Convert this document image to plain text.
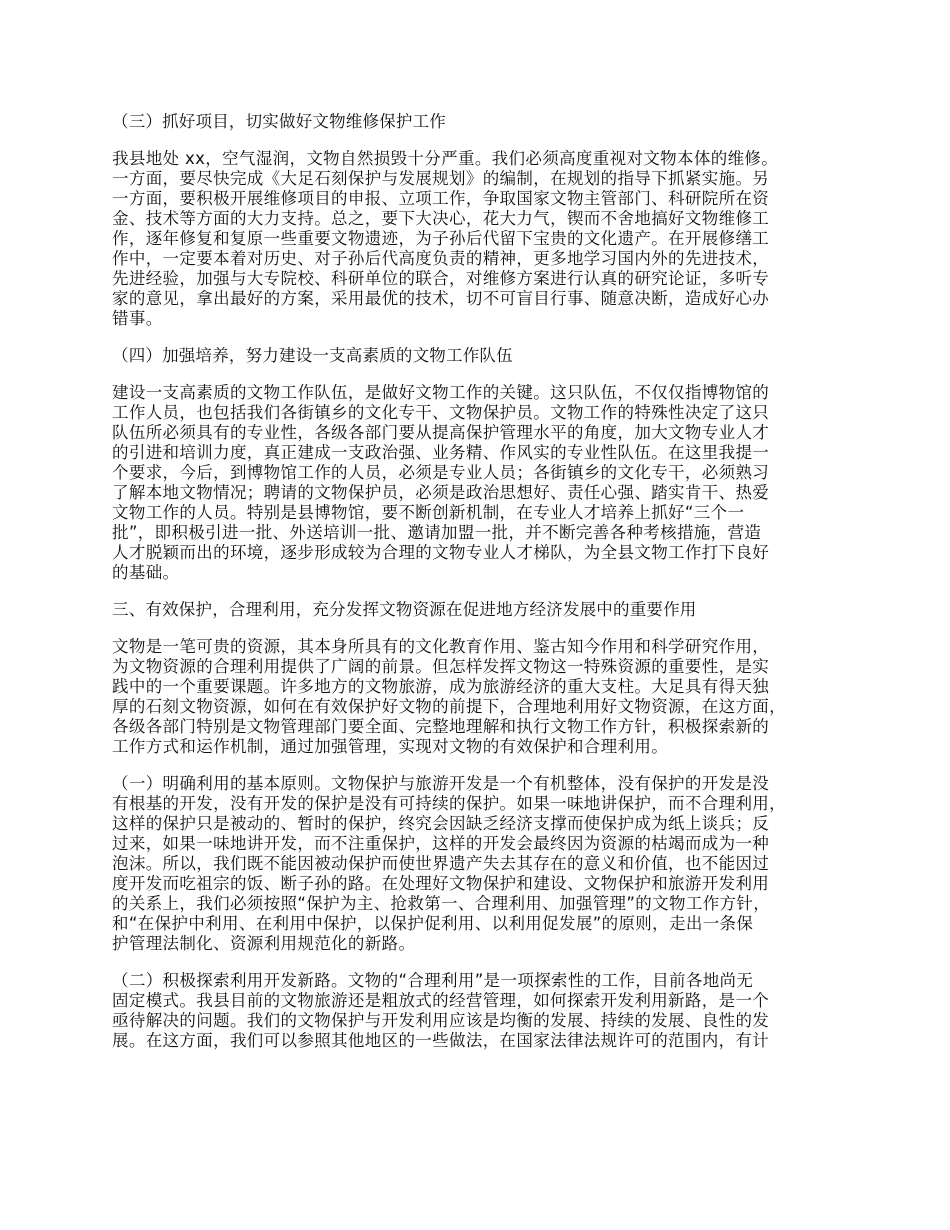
（三）抓好项目，切实做好文物维修保护工作
我县地处 xx，空气湿润，文物自然损毁十分严重。我们必须高度重视对文物本体的维修。
一方面，要尽快完成《大足石刻保护与发展规划》的编制，在规划的指导下抓紧实施。另
一方面，要积极开展维修项目的申报、立项工作，争取国家文物主管部门、科研院所在资
金、技术等方面的大力支持。总之，要下大决心，花大力气，锲而不舍地搞好文物维修工
作，逐年修复和复原一些重要文物遗迹，为子孙后代留下宝贵的文化遗产。在开展修缮工
作中，一定要本着对历史、对子孙后代高度负责的精神，更多地学习国内外的先进技术，
先进经验，加强与大专院校、科研单位的联合，对维修方案进行认真的研究论证，多听专
家的意见，拿出最好的方案，采用最优的技术，切不可盲目行事、随意决断，造成好心办
错事。
（四）加强培养，努力建设一支高素质的文物工作队伍
建设一支高素质的文物工作队伍，是做好文物工作的关键。这只队伍，不仅仅指博物馆的
工作人员，也包括我们各街镇乡的文化专干、文物保护员。文物工作的特殊性决定了这只
队伍所必须具有的专业性，各级各部门要从提高保护管理水平的角度，加大文物专业人才
的引进和培训力度，真正建成一支政治强、业务精、作风实的专业性队伍。在这里我提一
个要求，今后，到博物馆工作的人员，必须是专业人员；各街镇乡的文化专干，必须熟习
了解本地文物情况；聘请的文物保护员，必须是政治思想好、责任心强、踏实肯干、热爱
文物工作的人员。特别是县博物馆，要不断创新机制，在专业人才培养上抓好“三个一
批”，即积极引进一批、外送培训一批、邀请加盟一批，并不断完善各种考核措施，营造
人才脱颖而出的环境，逐步形成较为合理的文物专业人才梯队，为全县文物工作打下良好
的基础。
三、有效保护，合理利用，充分发挥文物资源在促进地方经济发展中的重要作用
文物是一笔可贵的资源，其本身所具有的文化教育作用、鉴古知今作用和科学研究作用，
为文物资源的合理利用提供了广阔的前景。但怎样发挥文物这一特殊资源的重要性，是实
践中的一个重要课题。许多地方的文物旅游，成为旅游经济的重大支柱。大足具有得天独
厚的石刻文物资源，如何在有效保护好文物的前提下，合理地利用好文物资源，在这方面，
各级各部门特别是文物管理部门要全面、完整地理解和执行文物工作方针，积极探索新的
工作方式和运作机制，通过加强管理，实现对文物的有效保护和合理利用。
（一）明确利用的基本原则。文物保护与旅游开发是一个有机整体，没有保护的开发是没
有根基的开发，没有开发的保护是没有可持续的保护。如果一味地讲保护，而不合理利用，
这样的保护只是被动的、暂时的保护，终究会因缺乏经济支撑而使保护成为纸上谈兵；反
过来，如果一味地讲开发，而不注重保护，这样的开发会最终因为资源的枯竭而成为一种
泡沫。所以，我们既不能因被动保护而使世界遗产失去其存在的意义和价值，也不能因过
度开发而吃祖宗的饭、断子孙的路。在处理好文物保护和建设、文物保护和旅游开发利用
的关系上，我们必须按照“保护为主、抢救第一、合理利用、加强管理”的文物工作方针，
和“在保护中利用、在利用中保护，以保护促利用、以利用促发展”的原则，走出一条保
护管理法制化、资源利用规范化的新路。
（二）积极探索利用开发新路。文物的“合理利用”是一项探索性的工作，目前各地尚无
固定模式。我县目前的文物旅游还是粗放式的经营管理，如何探索开发利用新路，是一个
亟待解决的问题。我们的文物保护与开发利用应该是均衡的发展、持续的发展、良性的发
展。在这方面，我们可以参照其他地区的一些做法，在国家法律法规许可的范围内，有计
